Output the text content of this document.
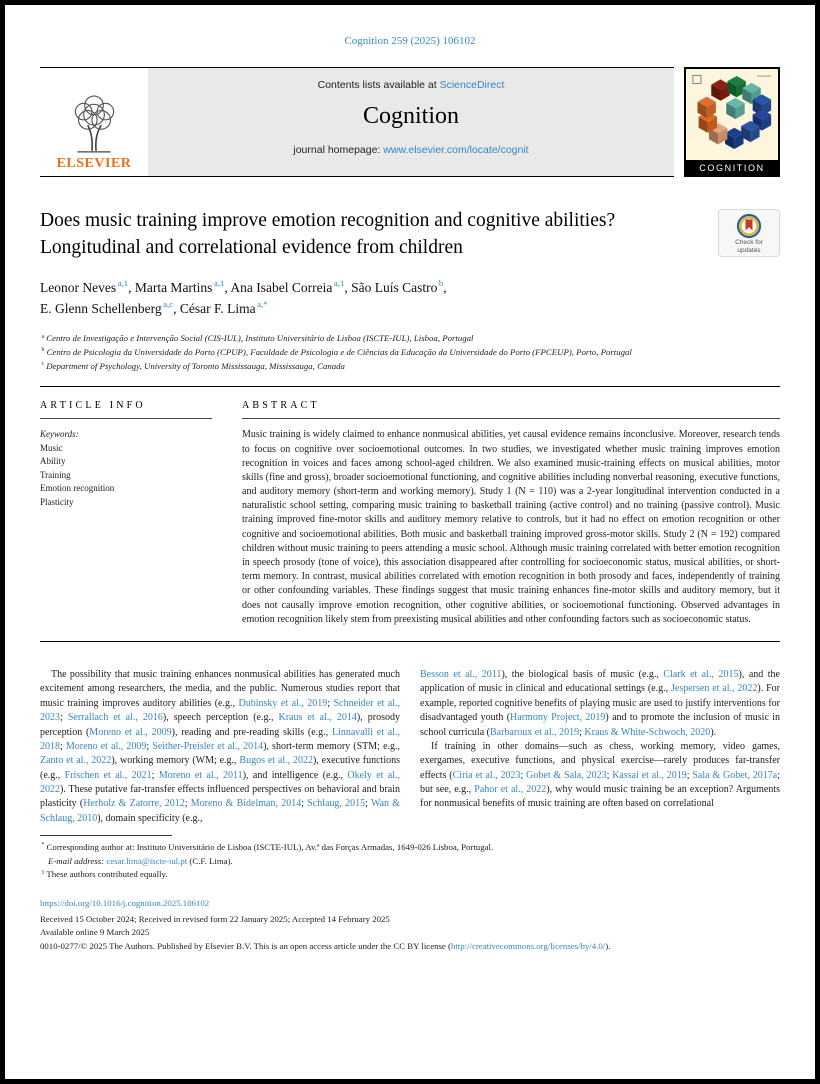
Cognition 259 (2025) 106102
ELSEVIER
Contents lists available at ScienceDirect
Cognition
journal homepage: www.elsevier.com/locate/cognit
COGNITION
Does music training improve emotion recognition and cognitive abilities?
Longitudinal and correlational evidence from children	Check for
updates
Leonor Neves $^{a,1}$, Marta Martins $^{a,1}$, Ana Isabel Correia $^{a,1}$, São Luís Castro $^b$,
E. Glenn Schellenberg $^{a,c}$, César F. Lima $^{a,*}$
$^a$ Centro de Investigação e Intervenção Social (CIS-IUL), Instituto Universitário de Lisboa (ISCTE-IUL), Lisboa, Portugal
$^b$ Centro de Psicologia da Universidade do Porto (CPUP), Faculdade de Psicologia e de Ciências da Educação da Universidade do Porto (FPCEUP), Porto, Portugal
$^c$ Department of Psychology, University of Toronto Mississauga, Mississauga, Canada
ARTICLE INFO
Keywords:
Music
Ability
Training
Emotion recognition
Plasticity
ABSTRACT

Music training is widely claimed to enhance nonmusical abilities, yet causal evidence remains inconclusive. Moreover, research tends to focus on cognitive over socioemotional outcomes. In two studies, we investigated whether music training improves emotion recognition in voices and faces among school-aged children. We also examined music-training effects on musical abilities, motor skills (fine and gross), broader socioemotional functioning, and cognitive abilities including nonverbal reasoning, executive functions, and auditory memory (short-term and working memory). Study 1 (N = 110) was a 2-year longitudinal intervention conducted in a naturalistic school setting, comparing music training to basketball training (active control) and no training (passive control). Music training improved fine-motor skills and auditory memory relative to controls, but it had no effect on emotion recognition or other cognitive and socioemotional abilities. Both music and basketball training improved gross-motor skills. Study 2 (N = 192) compared children without music training to peers attending a music school. Although music training correlated with better emotion recognition in speech prosody (tone of voice), this association disappeared after controlling for socioeconomic status, musical abilities, or short-term memory. In contrast, musical abilities correlated with emotion recognition in both prosody and faces, independently of training or other confounding variables. These findings suggest that music training enhances fine-motor skills and auditory memory, but it does not causally improve emotion recognition, other cognitive abilities, or socioemotional functioning. Observed advantages in emotion recognition likely stem from preexisting musical abilities and other confounding factors such as socioeconomic status.

The possibility that music training enhances nonmusical abilities has generated much excitement among researchers, the media, and the public. Numerous studies report that music training improves auditory abilities (e.g., Dubinsky et al., 2019; Schneider et al., 2023; Serrallach et al., 2016), speech perception (e.g., Kraus et al., 2014), prosody perception (Moreno et al., 2009), reading and pre-reading skills (e.g., Linnavalli et al., 2018; Moreno et al., 2009; Seither-Preisler et al., 2014), short-term memory (STM; e.g., Zanto et al., 2022), working memory (WM; e.g., Bugos et al., 2022), executive functions (e.g., Frischen et al., 2021; Moreno et al., 2011), and intelligence (e.g., Okely et al., 2022). These putative far-transfer effects influenced perspectives on behavioral and brain plasticity (Herholz & Zatorre, 2012; Moreno & Bidelman, 2014; Schlaug, 2015; Wan & Schlaug, 2010), domain specificity (e.g.,

Besson et al., 2011), the biological basis of music (e.g., Clark et al., 2015), and the application of music in clinical and educational settings (e.g., Jespersen et al., 2022). For example, reported cognitive benefits of playing music are used to justify interventions for disadvantaged youth (Harmony Project, 2019) and to promote the inclusion of music in school curricula (Barbaroux et al., 2019; Kraus & White-Schwoch, 2020).

If training in other domains—such as chess, working memory, video games, exergames, executive functions, and physical exercise—rarely produces far-transfer effects (Ciria et al., 2023; Gobet & Sala, 2023; Kassai et al., 2019; Sala & Gobet, 2017a; but see, e.g., Pahor et al., 2022), why would music training be an exception? Arguments for nonmusical benefits of music training are often based on correlational

* Corresponding author at: Instituto Universitário de Lisboa (ISCTE-IUL), Av.ª das Forças Armadas, 1649-026 Lisboa, Portugal.
E-mail address: cesar.lima@iscte-iul.pt (C.F. Lima).
$^1$ These authors contributed equally.
https://doi.org/10.1016/j.cognition.2025.106102
Received 15 October 2024; Received in revised form 22 January 2025; Accepted 14 February 2025
Available online 9 March 2025
0010-0277/© 2025 The Authors. Published by Elsevier B.V. This is an open access article under the CC BY license (http://creativecommons.org/licenses/by/4.0/).
